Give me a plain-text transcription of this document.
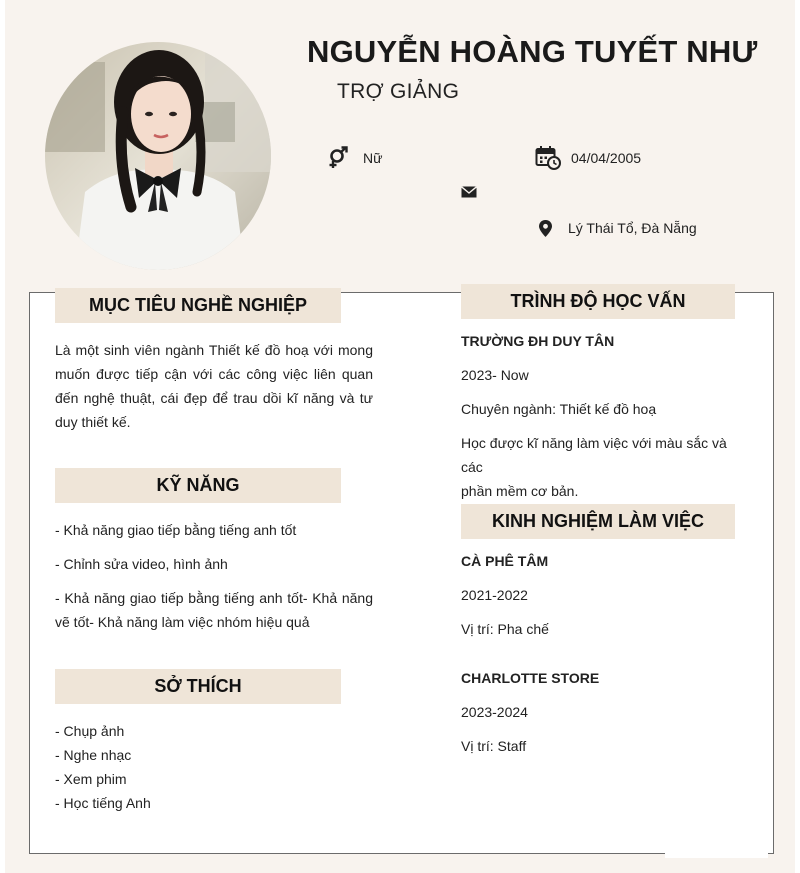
NGUYỄN HOÀNG TUYẾT NHƯ
TRỢ GIẢNG
Nữ	04/04/2005
Lý Thái Tổ, Đà Nẵng
MỤC TIÊU NGHỀ NGHIỆP
Là một sinh viên ngành Thiết kế đồ hoạ với mong
muốn được tiếp cận với các công việc liên quan
đến nghệ thuật, cái đẹp để trau dồi kĩ năng và tư
duy thiết kế.
KỸ NĂNG
- Khả năng giao tiếp bằng tiếng anh tốt
- Chỉnh sửa video, hình ảnh
- Khả năng giao tiếp bằng tiếng anh tốt- Khả năng
vẽ tốt- Khả năng làm việc nhóm hiệu quả
SỞ THÍCH
- Chụp ảnh
- Nghe nhạc
- Xem phim
- Học tiếng Anh
TRÌNH ĐỘ HỌC VẤN
TRƯỜNG ĐH DUY TÂN
2023- Now
Chuyên ngành: Thiết kế đồ hoạ
Học được kĩ năng làm việc với màu sắc và các
phần mềm cơ bản.
KINH NGHIỆM LÀM VIỆC
CÀ PHÊ TÂM
2021-2022
Vị trí: Pha chế
CHARLOTTE STORE
2023-2024
Vị trí: Staff
